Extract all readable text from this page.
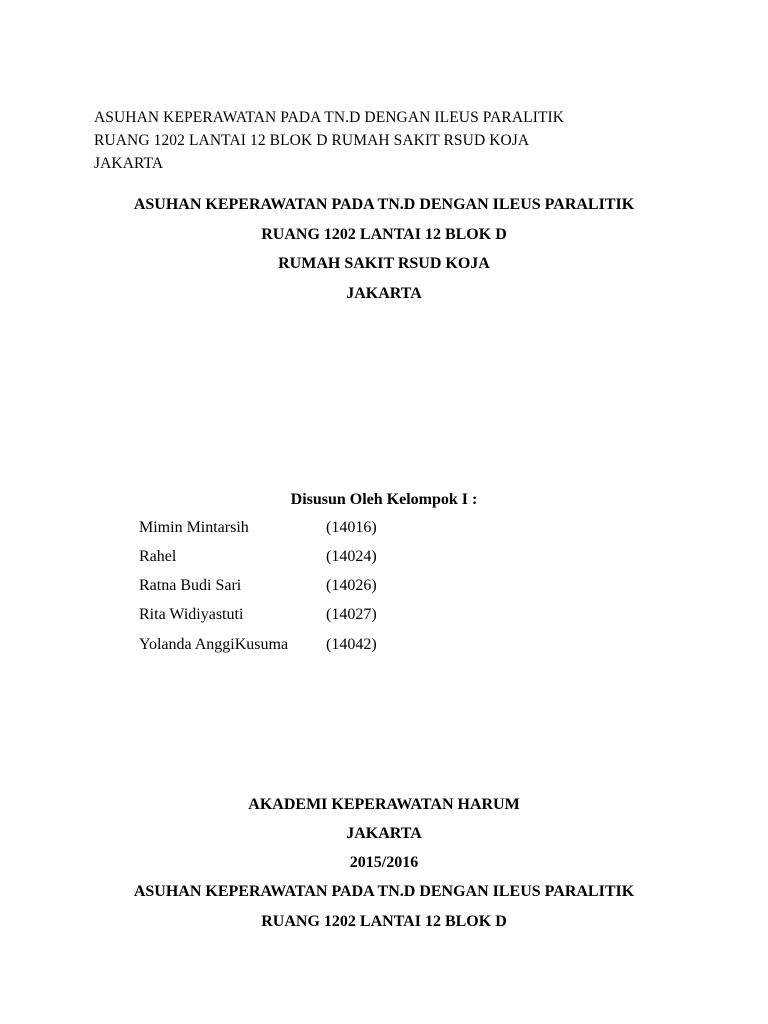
ASUHAN KEPERAWATAN PADA TN.D DENGAN ILEUS PARALITIK
RUANG 1202 LANTAI 12 BLOK D RUMAH SAKIT RSUD KOJA
JAKARTA
ASUHAN KEPERAWATAN PADA TN.D DENGAN ILEUS PARALITIK
RUANG 1202 LANTAI 12 BLOK D
RUMAH SAKIT RSUD KOJA
JAKARTA
Disusun Oleh Kelompok I :
Mimin Mintarsih	(14016)
Rahel	(14024)
Ratna Budi Sari	(14026)
Rita Widiyastuti	(14027)
Yolanda AnggiKusuma (14042)
AKADEMI KEPERAWATAN HARUM
JAKARTA
2015/2016
ASUHAN KEPERAWATAN PADA TN.D DENGAN ILEUS PARALITIK
RUANG 1202 LANTAI 12 BLOK D
